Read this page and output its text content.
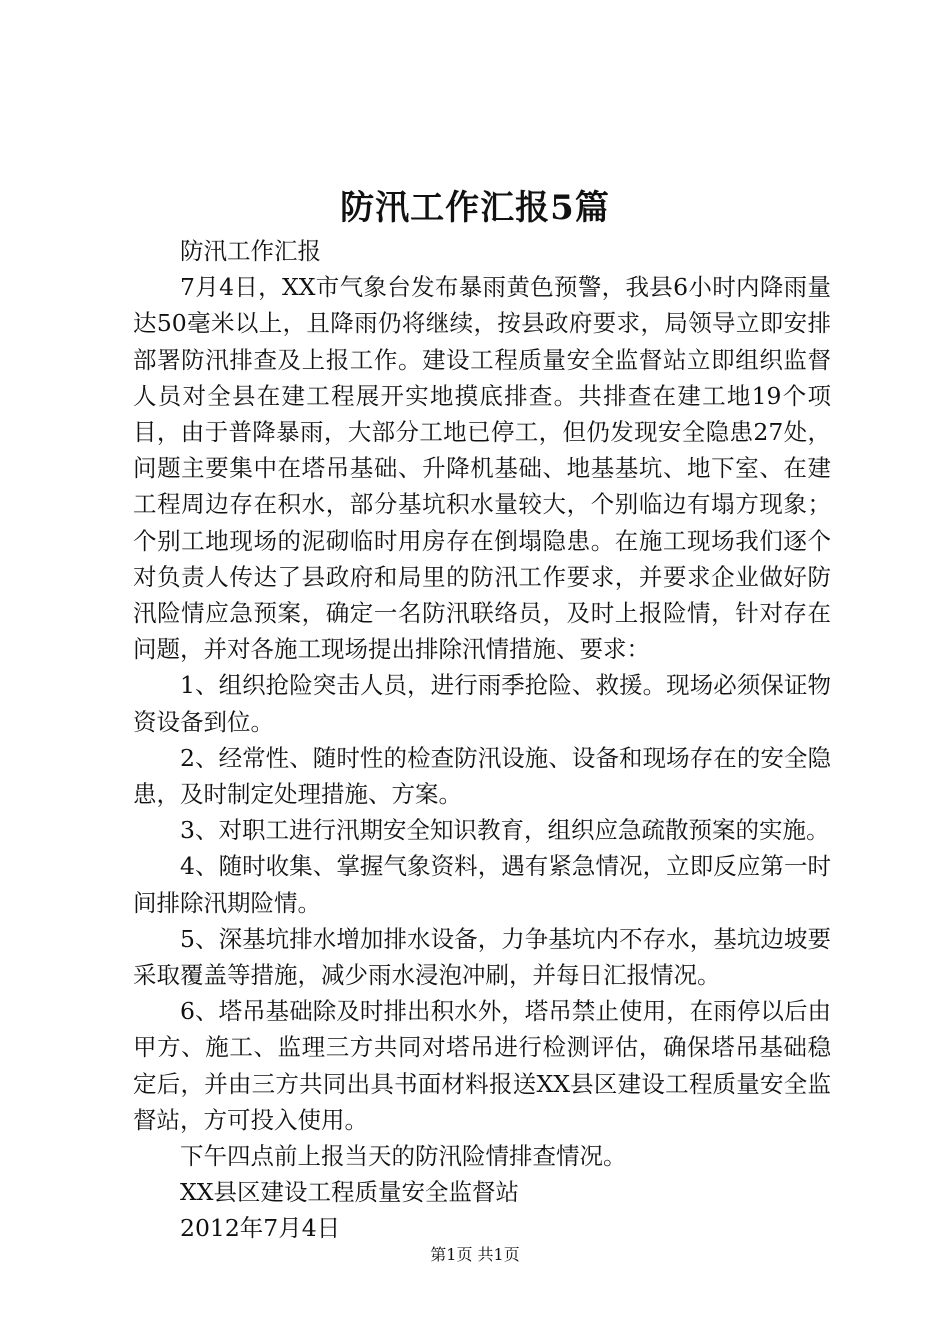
防汛工作汇报5篇

防汛工作汇报

7月4日，XX市气象台发布暴雨黄色预警，我县6小时内降雨量达50毫米以上，且降雨仍将继续，按县政府要求，局领导立即安排部署防汛排查及上报工作。建设工程质量安全监督站立即组织监督人员对全县在建工程展开实地摸底排查。共排查在建工地19个项目，由于普降暴雨，大部分工地已停工，但仍发现安全隐患27处，问题主要集中在塔吊基础、升降机基础、地基基坑、地下室、在建工程周边存在积水，部分基坑积水量较大，个别临边有塌方现象；个别工地现场的泥砌临时用房存在倒塌隐患。在施工现场我们逐个对负责人传达了县政府和局里的防汛工作要求，并要求企业做好防汛险情应急预案，确定一名防汛联络员，及时上报险情，针对存在问题，并对各施工现场提出排除汛情措施、要求：

1、组织抢险突击人员，进行雨季抢险、救援。现场必须保证物资设备到位。

2、经常性、随时性的检查防汛设施、设备和现场存在的安全隐患，及时制定处理措施、方案。

3、对职工进行汛期安全知识教育，组织应急疏散预案的实施。

4、随时收集、掌握气象资料，遇有紧急情况，立即反应第一时间排除汛期险情。

5、深基坑排水增加排水设备，力争基坑内不存水，基坑边坡要采取覆盖等措施，减少雨水浸泡冲刷，并每日汇报情况。

6、塔吊基础除及时排出积水外，塔吊禁止使用，在雨停以后由甲方、施工、监理三方共同对塔吊进行检测评估，确保塔吊基础稳定后，并由三方共同出具书面材料报送XX县区建设工程质量安全监督站，方可投入使用。

下午四点前上报当天的防汛险情排查情况。

XX县区建设工程质量安全监督站

2012年7月4日

第1页 共1页
